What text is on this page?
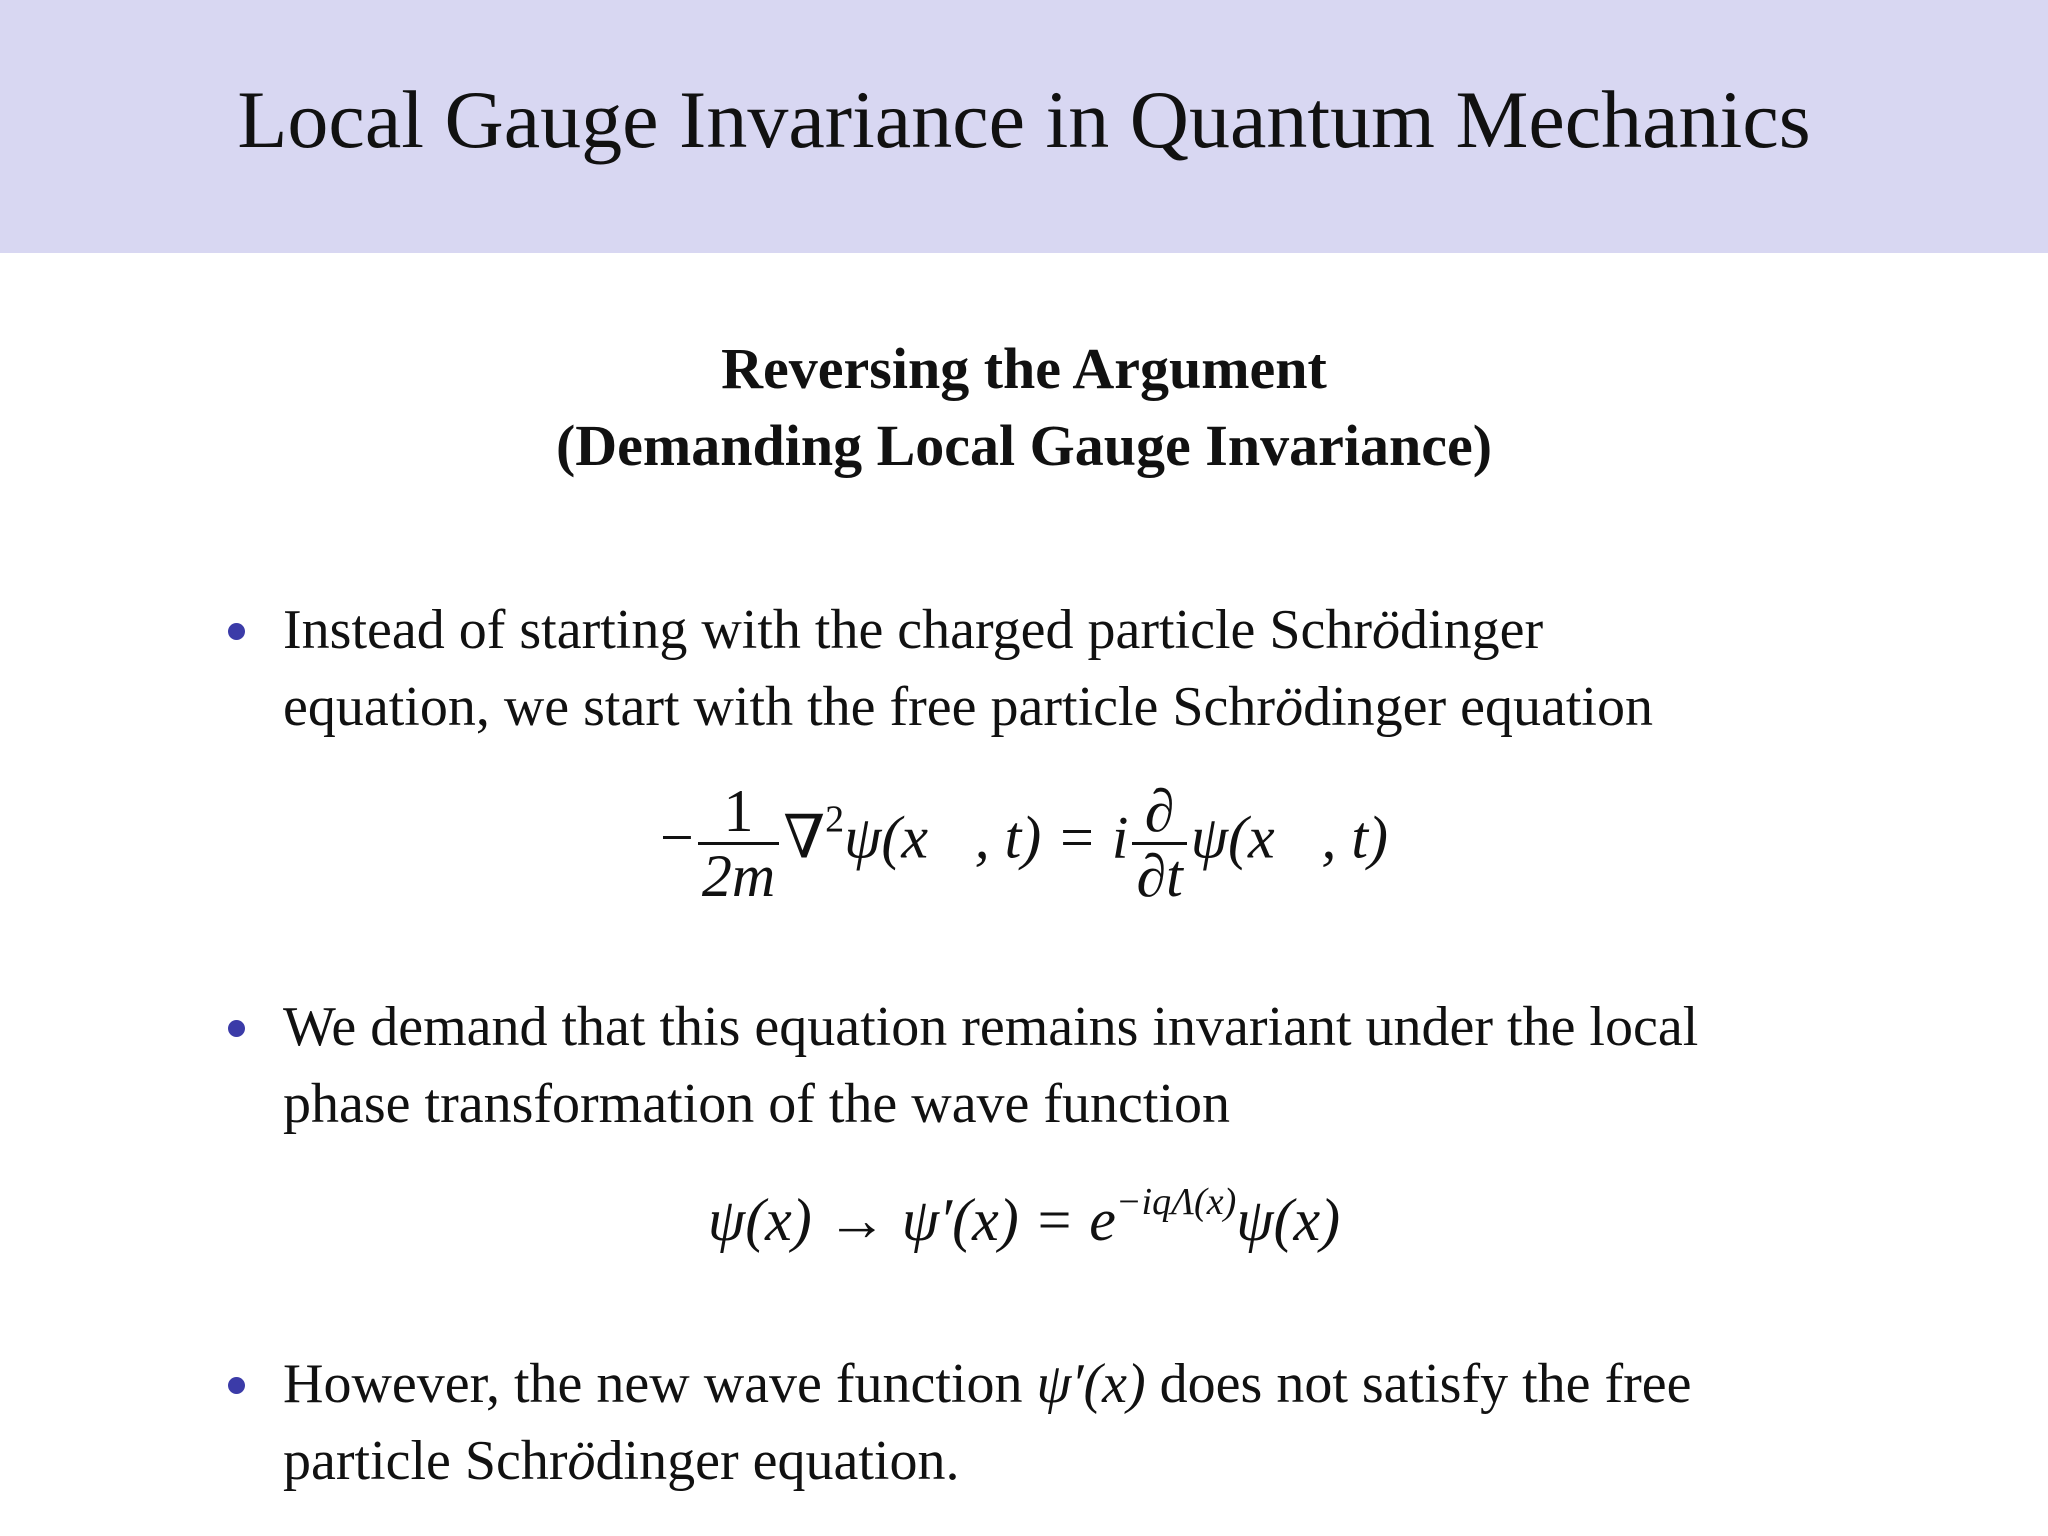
Local Gauge Invariance in Quantum Mechanics
Reversing the Argument
(Demanding Local Gauge Invariance)
Instead of starting with the charged particle Schrödinger
equation, we start with the free particle Schrödinger equation
− $\frac{1}{2m}$ ∇$^2$ψ(x⃗, t) = i $\frac{\partial}{\partial t}$ ψ(x⃗, t)
We demand that this equation remains invariant under the local
phase transformation of the wave function
$\psi(x) \to \psi'(x) = e^{-iq\Lambda(x)}\psi(x)$
However, the new wave function ψ′(x) does not satisfy the free
particle Schrödinger equation.
